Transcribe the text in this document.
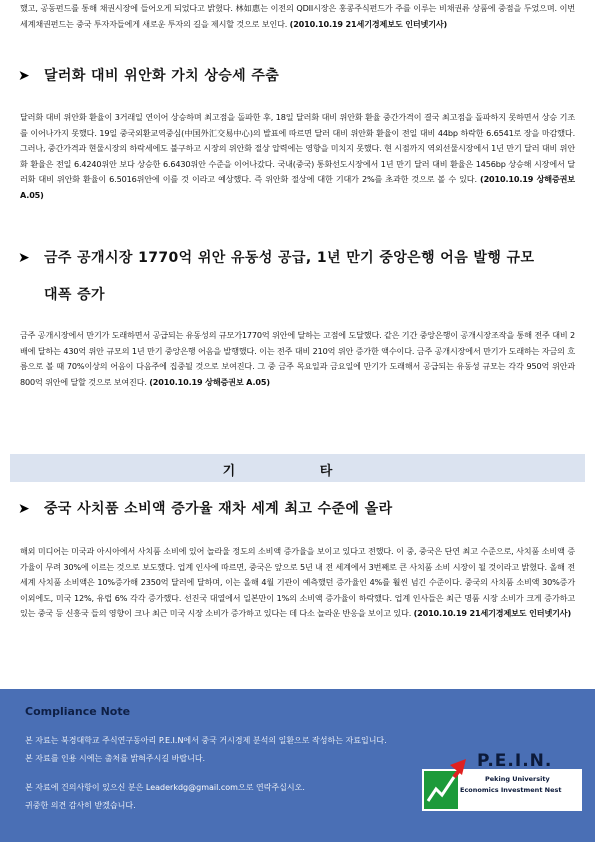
했고, 공동펀드를 통해 채권시장에 들어오게 되었다고 밝혔다. 林如惠는 이전의 QDII시장은 홍콩주식펀드가 주를 이루는 비채권류 상품에 중점을 두었으며. 이번 세계채권펀드는 중국 투자자들에게 새로운 투자의 길을 제시할 것으로 보인다. (2010.10.19 21세기경제보도 인터넷기사)
➤ 달러화 대비 위안화 가치 상승세 주춤
달러화 대비 위안화 환율이 3거래일 연이어 상승하며 최고점을 돌파한 후, 18일 달러화 대비 위안화 환율 중간가격이 결국 최고점을 돌파하지 못하면서 상승 기조를 이어나가지 못했다. 19일 중국외환교역중심(中国外汇交易中心)의 발표에 따르면 달러 대비 위안화 환율이 전일 대비 44bp 하락한 6.6541로 장을 마감했다. 그러나, 중간가격과 현물시장의 하락세에도 불구하고 시장의 위안화 절상 압력에는 영향을 미치지 못했다. 현 시점까지 역외선물시장에서 1년 만기 달러 대비 위안화 환율은 전일 6.4240위안 보다 상승한 6.6430위안 수준을 이어나갔다. 국내(중국) 통화선도시장에서 1년 만기 달러 대비 환율은 1456bp 상승해 시장에서 달러화 대비 위안화 환율이 6.5016위안에 이를 것 이라고 예상했다. 즉 위안화 절상에 대한 기대가 2%를 초과한 것으로 볼 수 있다. (2010.10.19 상해증권보 A.05)
➤ 금주 공개시장 1770억 위안 유동성 공급, 1년 만기 중앙은행 어음 발행 규모
대폭 증가
금주 공개시장에서 만기가 도래하면서 공급되는 유동성의 규모가1770억 위안에 달하는 고점에 도달했다. 같은 기간 중앙은행이 공개시장조작을 통해 전주 대비 2배에 달하는 430억 위안 규모의 1년 만기 중앙은행 어음을 발행했다. 이는 전주 대비 210억 위안 증가한 액수이다. 금주 공개시장에서 만기가 도래하는 자금의 흐름으로 볼 때 70%이상의 어음이 다음주에 집중될 것으로 보여진다. 그 중 금주 목요일과 금요일에 만기가 도래해서 공급되는 유동성 규모는 각각 950억 위안과 800억 위안에 달할 것으로 보여진다. (2010.10.19 상해증권보 A.05)
기 타
➤ 중국 사치품 소비액 증가율 재차 세계 최고 수준에 올라
해외 미디어는 미국과 아시아에서 사치품 소비에 있어 놀라울 정도의 소비액 증가율을 보이고 있다고 전했다. 이 중, 중국은 단연 최고 수준으로, 사치품 소비액 증가율이 무려 30%에 이르는 것으로 보도했다. 업계 인사에 따르면, 중국은 앞으로 5년 내 전 세계에서 3번째로 큰 사치품 소비 시장이 될 것이라고 밝혔다. 올해 전 세계 사치품 소비액은 10%증가해 2350억 달러에 달하며, 이는 올해 4월 기관이 예측했던 증가율인 4%를 훨씬 넘긴 수준이다. 중국의 사치품 소비액 30%증가 이외에도, 미국 12%, 유럽 6% 각각 증가했다. 선진국 대열에서 일본만이 1%의 소비액 증가율이 하락했다. 업계 인사들은 최근 명품 시장 소비가 크게 증가하고 있는 중국 등 신흥국 들의 영향이 크나 최근 미국 시장 소비가 증가하고 있다는 데 다소 놀라운 반응을 보이고 있다. (2010.10.19 21세기경제보도 인터넷기사)
Compliance Note
본 자료는 북경대학교 주식연구동아리 P.E.I.N에서 중국 거시경제 분석의 일환으로 작성하는 자료입니다.
본 자료를 인용 시에는 출처를 밝혀주시길 바랍니다.
본 자료에 건의사항이 있으신 분은 Leaderkdg@gmail.com으로 연락주십시오.
귀중한 의견 감사히 받겠습니다.
P.E.I.N.
Peking University
Economics Investment Nest
